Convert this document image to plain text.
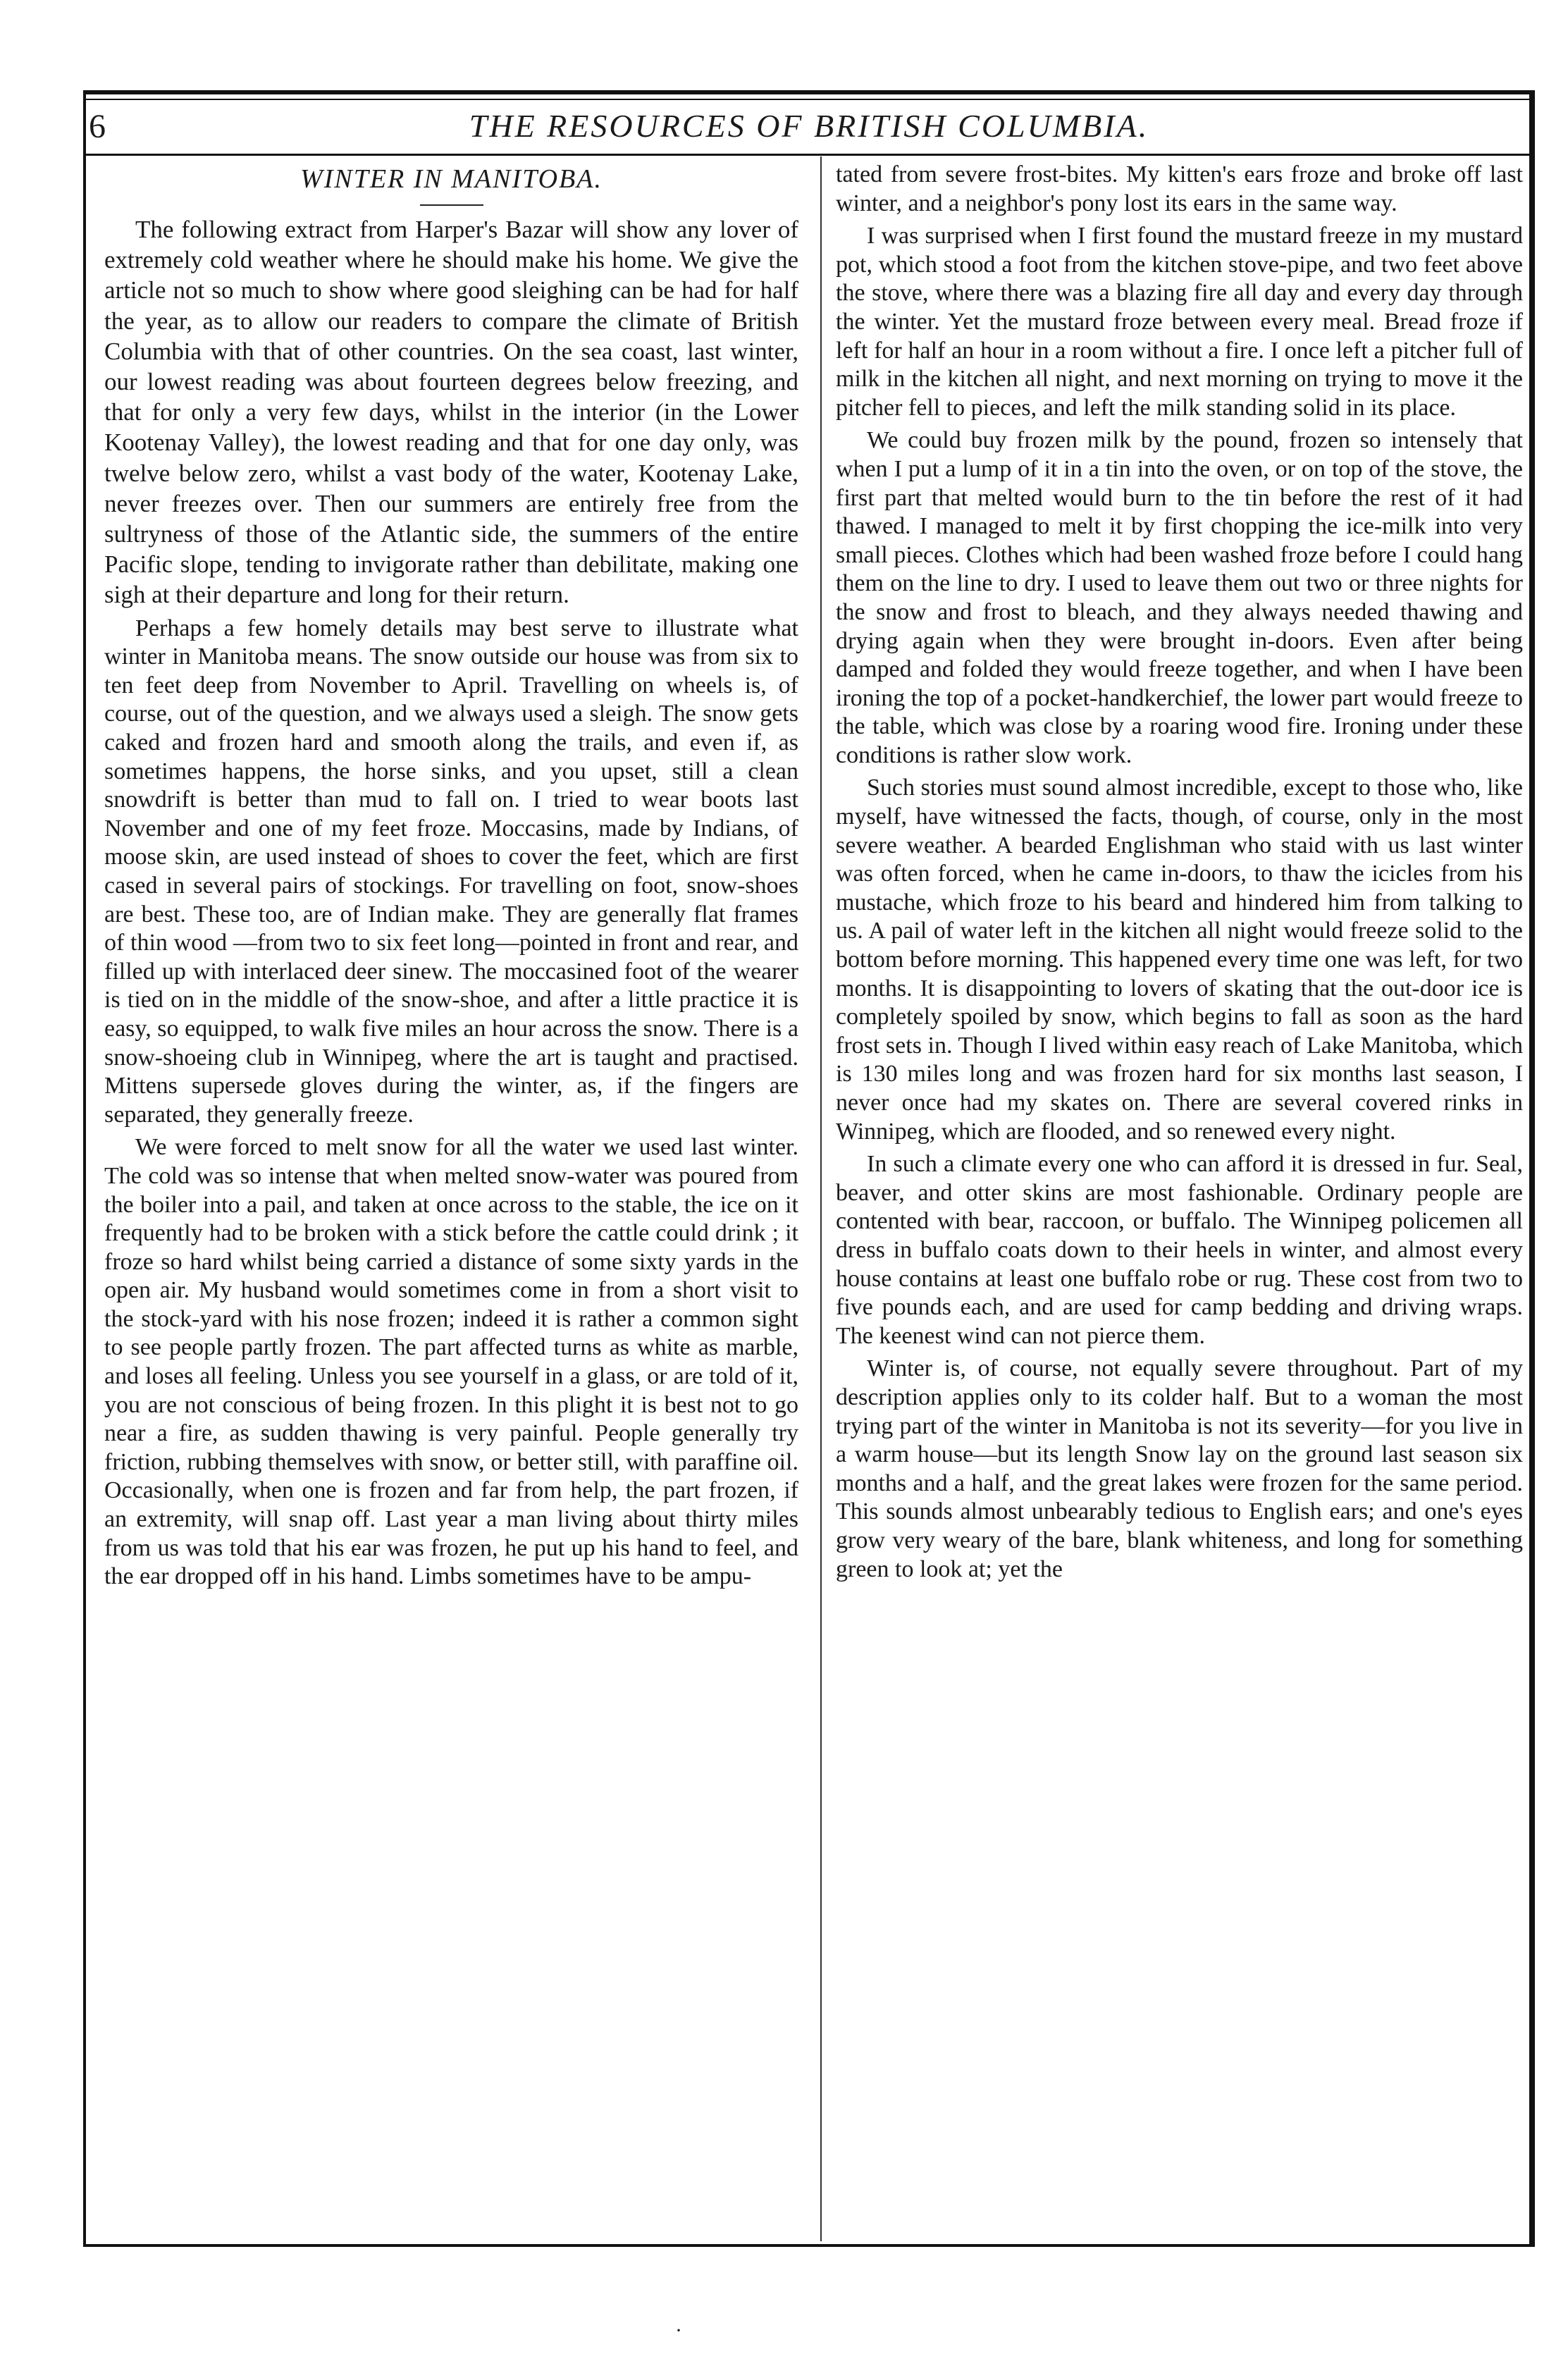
6	THE RESOURCES OF BRITISH COLUMBIA.
WINTER IN MANITOBA.

The following extract from Harper's Bazar will show any lover of extremely cold weather where he should make his home. We give the article not so much to show where good sleighing can be had for half the year, as to allow our readers to compare the climate of British Columbia with that of other countries. On the sea coast, last winter, our lowest reading was about fourteen degrees below freezing, and that for only a very few days, whilst in the interior (in the Lower Kootenay Valley), the lowest reading and that for one day only, was twelve below zero, whilst a vast body of the water, Kootenay Lake, never freezes over. Then our summers are entirely free from the sultryness of those of the Atlantic side, the summers of the entire Pacific slope, tending to invigorate rather than debilitate, making one sigh at their departure and long for their return.

Perhaps a few homely details may best serve to illustrate what winter in Manitoba means. The snow outside our house was from six to ten feet deep from November to April. Travelling on wheels is, of course, out of the question, and we always used a sleigh. The snow gets caked and frozen hard and smooth along the trails, and even if, as sometimes happens, the horse sinks, and you upset, still a clean snowdrift is better than mud to fall on. I tried to wear boots last November and one of my feet froze. Moccasins, made by Indians, of moose skin, are used instead of shoes to cover the feet, which are first cased in several pairs of stockings. For travelling on foot, snow-shoes are best. These too, are of Indian make. They are generally flat frames of thin wood —from two to six feet long—pointed in front and rear, and filled up with interlaced deer sinew. The moccasined foot of the wearer is tied on in the middle of the snow-shoe, and after a little practice it is easy, so equipped, to walk five miles an hour across the snow. There is a snow-shoeing club in Winnipeg, where the art is taught and practised. Mittens supersede gloves during the winter, as, if the fingers are separated, they generally freeze.

We were forced to melt snow for all the water we used last winter. The cold was so intense that when melted snow-water was poured from the boiler into a pail, and taken at once across to the stable, the ice on it frequently had to be broken with a stick before the cattle could drink ; it froze so hard whilst being carried a distance of some sixty yards in the open air. My husband would sometimes come in from a short visit to the stock-yard with his nose frozen; indeed it is rather a common sight to see people partly frozen. The part affected turns as white as marble, and loses all feeling. Unless you see yourself in a glass, or are told of it, you are not conscious of being frozen. In this plight it is best not to go near a fire, as sudden thawing is very painful. People generally try friction, rubbing themselves with snow, or better still, with paraffine oil. Occasionally, when one is frozen and far from help, the part frozen, if an extremity, will snap off. Last year a man living about thirty miles from us was told that his ear was frozen, he put up his hand to feel, and the ear dropped off in his hand. Limbs sometimes have to be ampu-

tated from severe frost-bites. My kitten's ears froze and broke off last winter, and a neighbor's pony lost its ears in the same way.

I was surprised when I first found the mustard freeze in my mustard pot, which stood a foot from the kitchen stove-pipe, and two feet above the stove, where there was a blazing fire all day and every day through the winter. Yet the mustard froze between every meal. Bread froze if left for half an hour in a room without a fire. I once left a pitcher full of milk in the kitchen all night, and next morning on trying to move it the pitcher fell to pieces, and left the milk standing solid in its place.

We could buy frozen milk by the pound, frozen so intensely that when I put a lump of it in a tin into the oven, or on top of the stove, the first part that melted would burn to the tin before the rest of it had thawed. I managed to melt it by first chopping the ice-milk into very small pieces. Clothes which had been washed froze before I could hang them on the line to dry. I used to leave them out two or three nights for the snow and frost to bleach, and they always needed thawing and drying again when they were brought in-doors. Even after being damped and folded they would freeze together, and when I have been ironing the top of a pocket-handkerchief, the lower part would freeze to the table, which was close by a roaring wood fire. Ironing under these conditions is rather slow work.

Such stories must sound almost incredible, except to those who, like myself, have witnessed the facts, though, of course, only in the most severe weather. A bearded Englishman who staid with us last winter was often forced, when he came in-doors, to thaw the icicles from his mustache, which froze to his beard and hindered him from talking to us. A pail of water left in the kitchen all night would freeze solid to the bottom before morning. This happened every time one was left, for two months. It is disappointing to lovers of skating that the out-door ice is completely spoiled by snow, which begins to fall as soon as the hard frost sets in. Though I lived within easy reach of Lake Manitoba, which is 130 miles long and was frozen hard for six months last season, I never once had my skates on. There are several covered rinks in Winnipeg, which are flooded, and so renewed every night.

In such a climate every one who can afford it is dressed in fur. Seal, beaver, and otter skins are most fashionable. Ordinary people are contented with bear, raccoon, or buffalo. The Winnipeg policemen all dress in buffalo coats down to their heels in winter, and almost every house contains at least one buffalo robe or rug. These cost from two to five pounds each, and are used for camp bedding and driving wraps. The keenest wind can not pierce them.

Winter is, of course, not equally severe throughout. Part of my description applies only to its colder half. But to a woman the most trying part of the winter in Manitoba is not its severity—for you live in a warm house—but its length Snow lay on the ground last season six months and a half, and the great lakes were frozen for the same period. This sounds almost unbearably tedious to English ears; and one's eyes grow very weary of the bare, blank whiteness, and long for something green to look at; yet the

·
